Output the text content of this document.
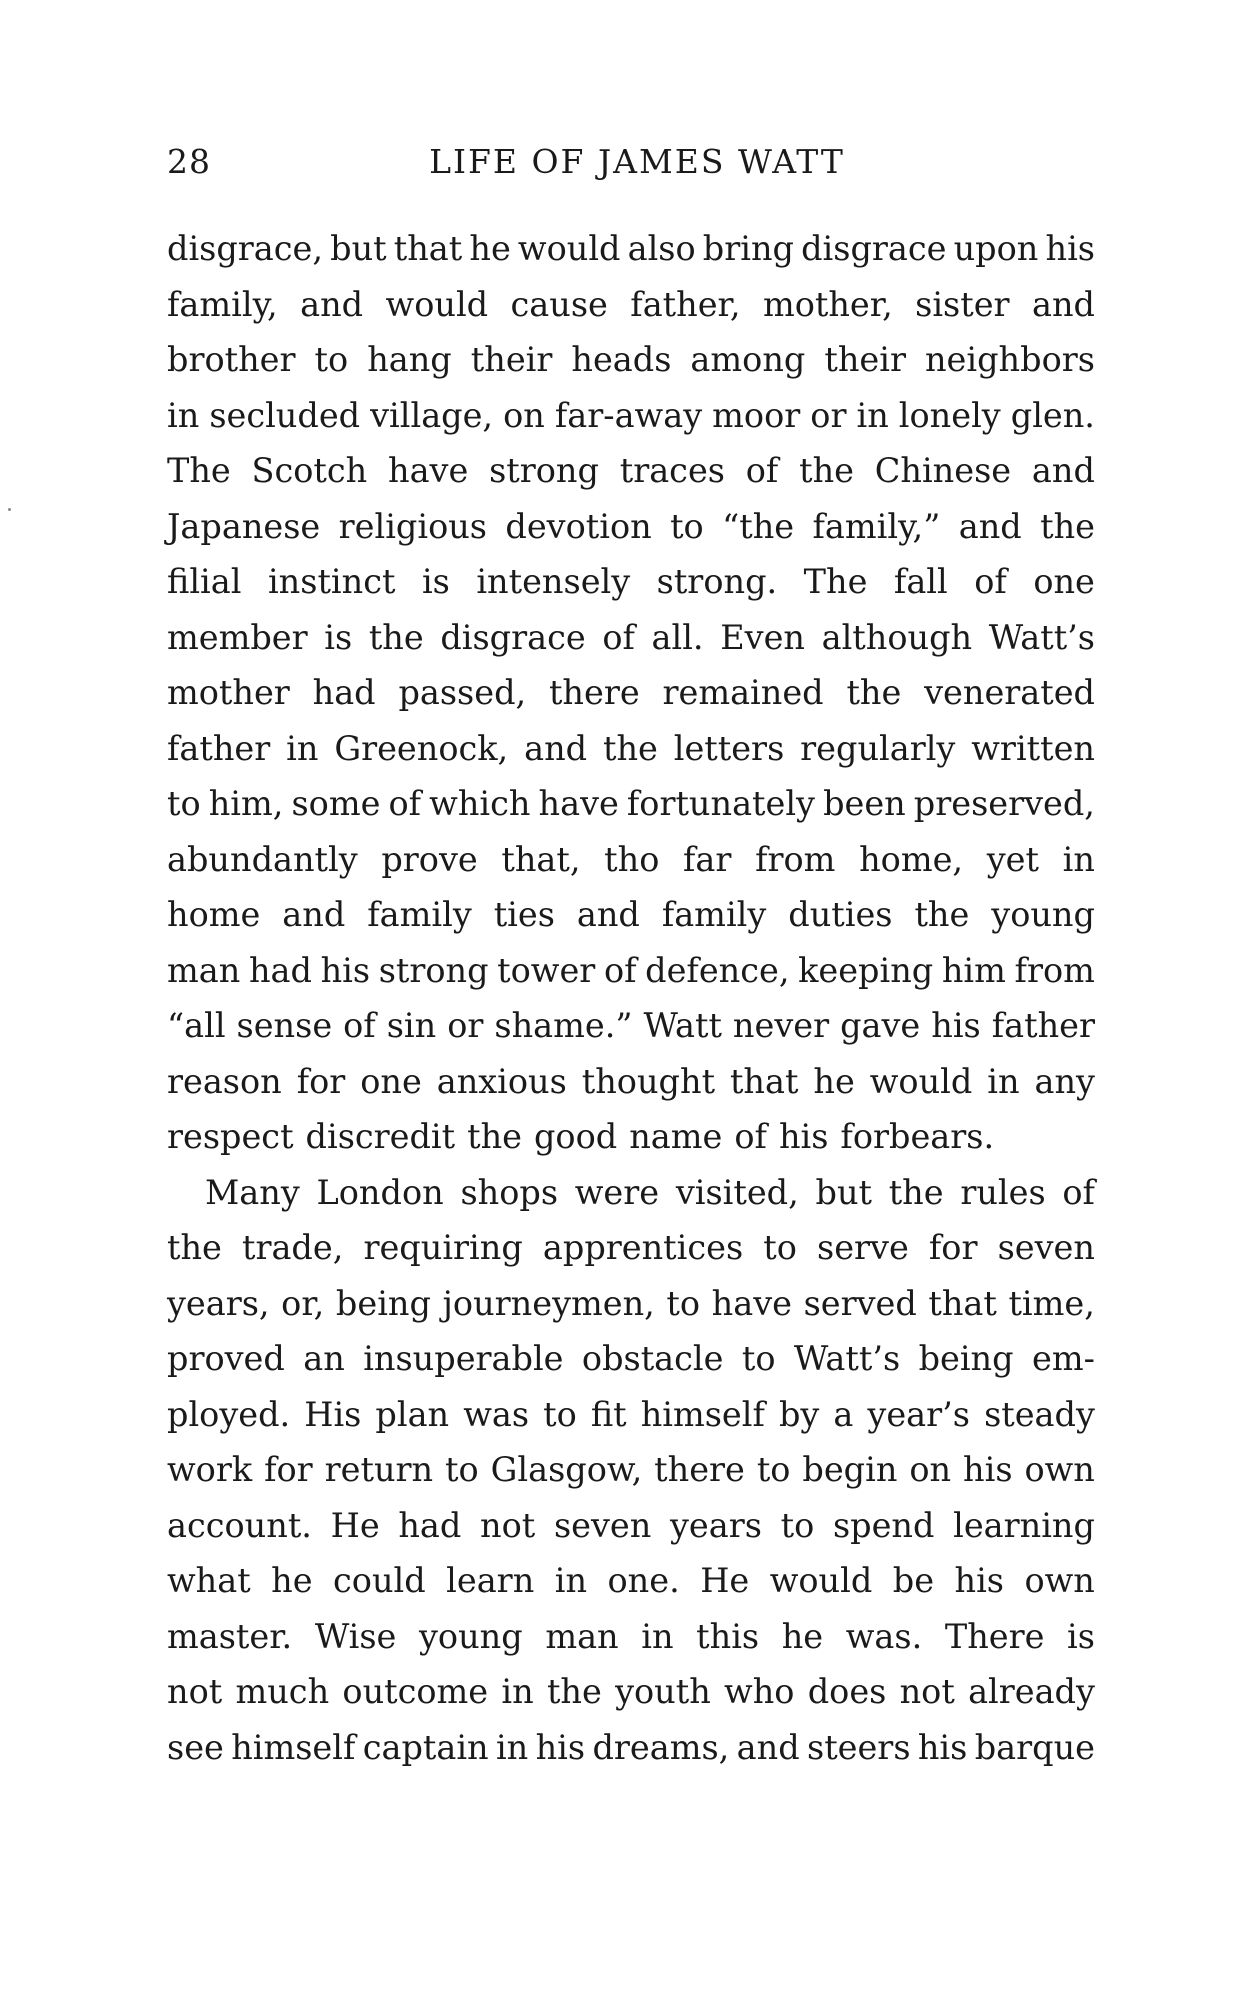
28	LIFE OF JAMES WATT
disgrace, but that he would also bring disgrace upon his
family, and would cause father, mother, sister and
brother to hang their heads among their neighbors
in secluded village, on far-away moor or in lonely glen.
The Scotch have strong traces of the Chinese and
Japanese religious devotion to “the family,” and the
filial instinct is intensely strong. The fall of one
member is the disgrace of all. Even although Watt’s
mother had passed, there remained the venerated
father in Greenock, and the letters regularly written
to him, some of which have fortunately been preserved,
abundantly prove that, tho far from home, yet in
home and family ties and family duties the young
man had his strong tower of defence, keeping him from
“all sense of sin or shame.” Watt never gave his father
reason for one anxious thought that he would in any
respect discredit the good name of his forbears.
Many London shops were visited, but the rules of
the trade, requiring apprentices to serve for seven
years, or, being journeymen, to have served that time,
proved an insuperable obstacle to Watt’s being em-
ployed. His plan was to fit himself by a year’s steady
work for return to Glasgow, there to begin on his own
account. He had not seven years to spend learning
what he could learn in one. He would be his own
master. Wise young man in this he was. There is
not much outcome in the youth who does not already
see himself captain in his dreams, and steers his barque
